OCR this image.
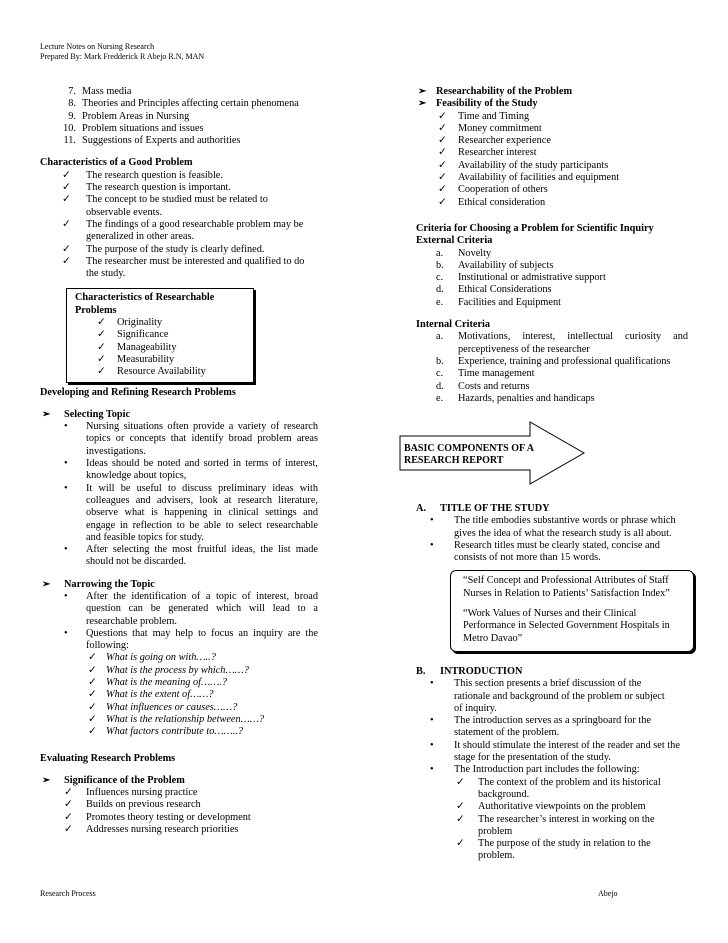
Lecture Notes on Nursing Research
Prepared By: Mark Fredderick R Abejo R.N, MAN
7. Mass media
8. Theories and Principles affecting certain phenomena
9. Problem Areas in Nursing
10. Problem situations and issues
11. Suggestions of Experts and authorities
Characteristics of a Good Problem
✓ The research question is feasible.
✓ The research question is important.
✓ The concept to be studied must be related to observable events.
✓ The findings of a good researchable problem may be generalized in other areas.
✓ The purpose of the study is clearly defined.
✓ The researcher must be interested and qualified to do the study.
Characteristics of Researchable
Problems
✓ Originality
✓ Significance
✓ Manageability
✓ Measurability
✓ Resource Availability
Developing and Refining Research Problems
➢ Selecting Topic
• Nursing situations often provide a variety of research topics or concepts that identify broad problem areas investigations.
• Ideas should be noted and sorted in terms of interest, knowledge about topics,
• It will be useful to discuss preliminary ideas with colleagues and advisers, look at research literature, observe what is happening in clinical settings and engage in reflection to be able to select researchable and feasible topics for study.
• After selecting the most fruitful ideas, the list made should not be discarded.
➢ Narrowing the Topic
• After the identification of a topic of interest, broad question can be generated which will lead to a researchable problem.
• Questions that may help to focus an inquiry are the following:
✓ What is going on with…..?
✓ What is the process by which……?
✓ What is the meaning of…….?
✓ What is the extent of……?
✓ What influences or causes……?
✓ What is the relationship between……?
✓ What factors contribute to……..?
Evaluating Research Problems
➢ Significance of the Problem
✓ Influences nursing practice
✓ Builds on previous research
✓ Promotes theory testing or development
✓ Addresses nursing research priorities
➢ Researchability of the Problem
➢ Feasibility of the Study
✓ Time and Timing
✓ Money commitment
✓ Researcher experience
✓ Researcher interest
✓ Availability of the study participants
✓ Availability of facilities and equipment
✓ Cooperation of others
✓ Ethical consideration
Criteria for Choosing a Problem for Scientific Inquiry
External Criteria
a. Novelty
b. Availability of subjects
c. Institutional or admistrative support
d. Ethical Considerations
e. Facilities and Equipment
Internal Criteria
a. Motivations, interest, intellectual curiosity and perceptiveness of the researcher
b. Experience, training and professional qualifications
c. Time management
d. Costs and returns
e. Hazards, penalties and handicaps
BASIC COMPONENTS OF A
RESEARCH REPORT
A. TITLE OF THE STUDY
• The title embodies substantive words or phrase which gives the idea of what the research study is all about.
• Research titles must be clearly stated, concise and consists of not more than 15 words.
“Self Concept and Professional Attributes of Staff Nurses in Relation to Patients’ Satisfaction Index”
“Work Values of Nurses and their Clinical Performance in Selected Government Hospitals in Metro Davao”
B. INTRODUCTION
• This section presents a brief discussion of the rationale and background of the problem or subject of inquiry.
• The introduction serves as a springboard for the statement of the problem.
• It should stimulate the interest of the reader and set the stage for the presentation of the study.
• The Introduction part includes the following:
✓ The context of the problem and its historical background.
✓ Authoritative viewpoints on the problem
✓ The researcher’s interest in working on the problem
✓ The purpose of the study in relation to the problem.
Research Process	Abejo
